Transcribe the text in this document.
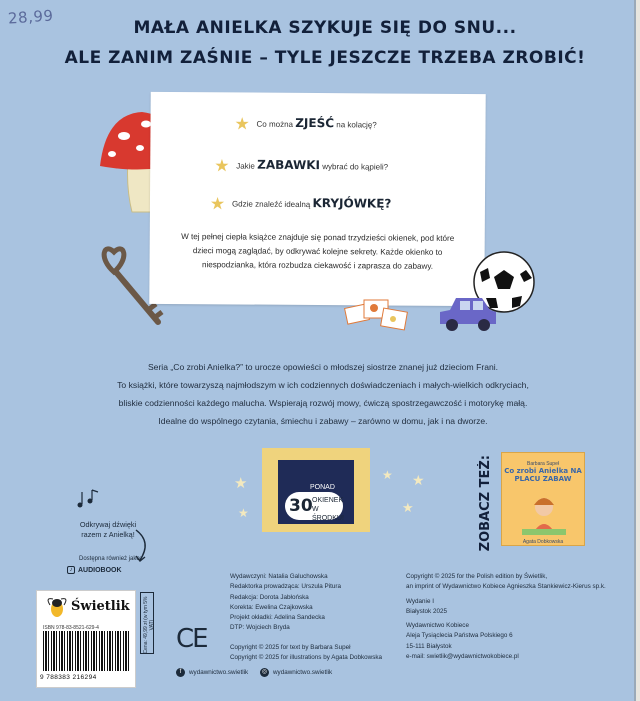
28,99
MAŁA ANIELKA SZYKUJE SIĘ DO SNU...
ALE ZANIM ZAŚNIE – TYLE JESZCZE TRZEBA ZROBIĆ!
★ Co można ZJEŚĆ na kolację?
★ Jakie ZABAWKI wybrać do kąpieli?
★ Gdzie znaleźć idealną KRYJÓWKĘ?
W tej pełnej ciepła książce znajduje się ponad trzydzieści okienek, pod które dzieci mogą zaglądać, by odkrywać kolejne sekrety. Każde okienko to niespodzianka, która rozbudza ciekawość i zaprasza do zabawy.
Seria „Co zrobi Anielka?” to urocze opowieści o młodszej siostrze znanej już dzieciom Frani.
To książki, które towarzyszą najmłodszym w ich codziennych doświadczeniach i małych-wielkich odkryciach,
bliskie codzienności każdego malucha. Wspierają rozwój mowy, ćwiczą spostrzegawczość i motorykę małą.
Idealne do wspólnego czytania, śmiechu i zabawy – zarówno w domu, jak i na dworze.
★
★
★ ★
★
30
PONAD
OKIENEK
W ŚRODKU!	ZOBACZ TEŻ:	Barbara Supeł
Co zrobi Anielka NA PLACU ZABAW
Agata Dobkowska
Odkrywaj dźwięki
razem z Anielką!
Dostępna również jako:
♪ AUDIOBOOK
Świetlik
ISBN 978-83-8521-629-4
9 788383 216294
Cena: 49,99 zł (w tym 5% VAT) CE
Wydawczyni: Natalia Galuchowska
Redaktorka prowadząca: Urszula Pitura
Redakcja: Dorota Jabłońska
Korekta: Ewelina Czajkowska
Projekt okładki: Adelina Sandecka
DTP: Wojciech Bryda
Copyright © 2025 for text by Barbara Supeł
Copyright © 2025 for illustrations by Agata Dobkowska
Copyright © 2025 for the Polish edition by Świetlik,
an imprint of Wydawnictwo Kobiece Agnieszka Stankiewicz-Kierus sp.k.
Wydanie I
Białystok 2025
Wydawnictwo Kobiece
Aleja Tysiąclecia Państwa Polskiego 6
15-111 Białystok
e-mail: swietlik@wydawnictwokobiece.pl
f	wydawnictwo.swietlik	◎ wydawnictwo.swietlik
